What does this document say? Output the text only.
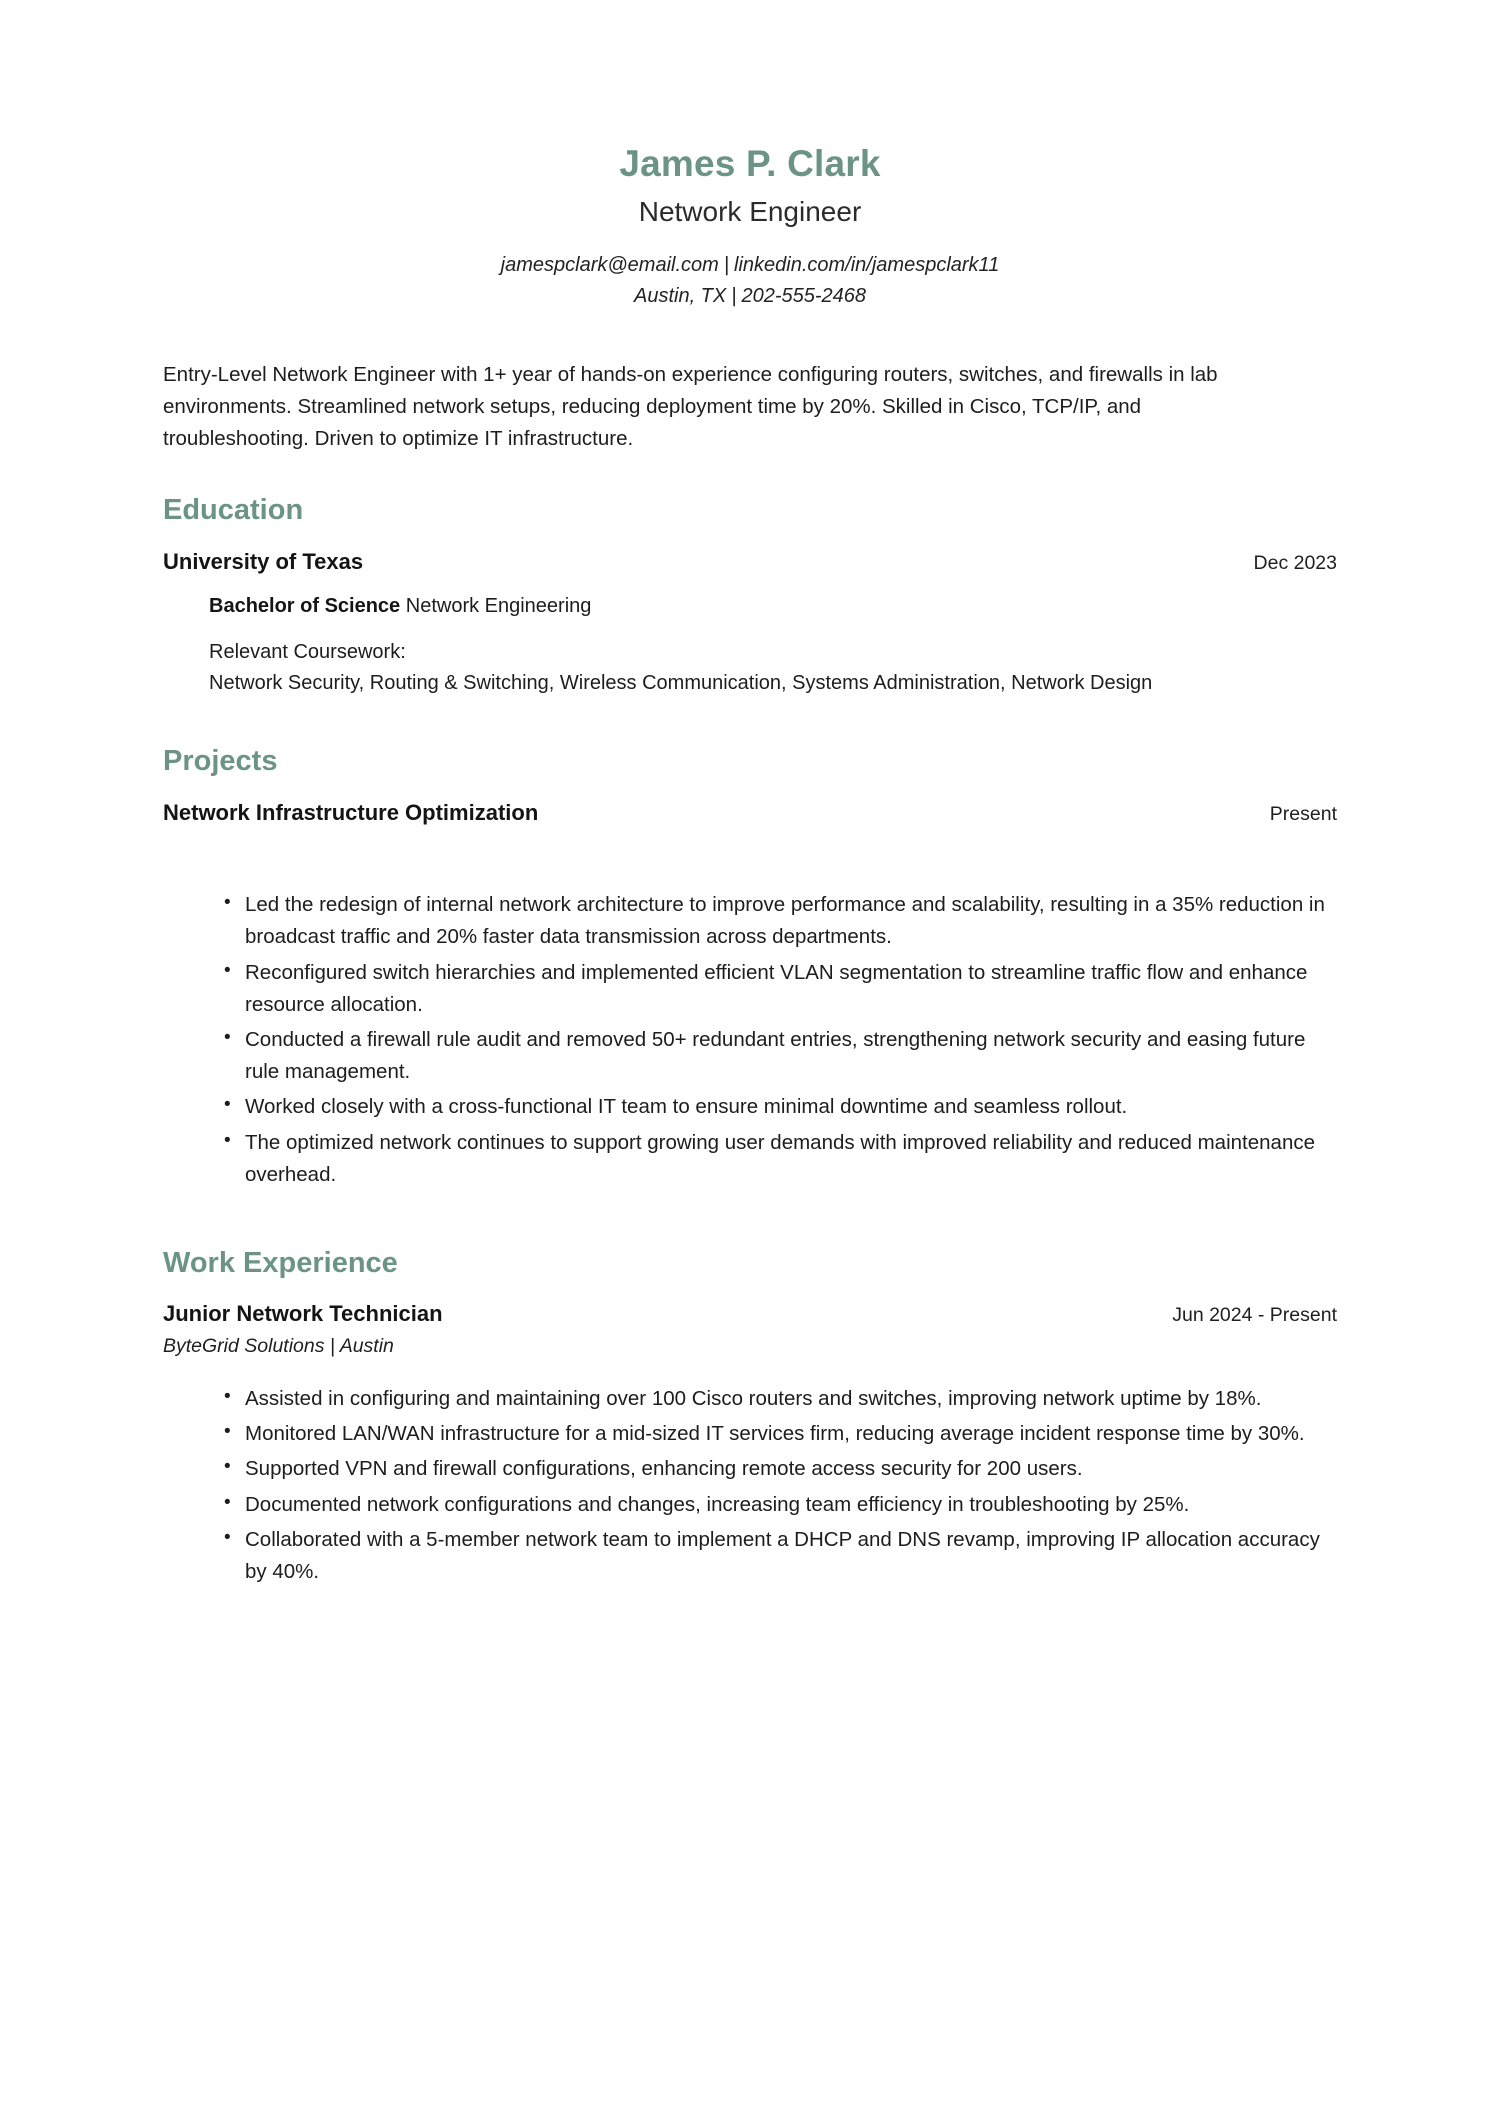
James P. Clark
Network Engineer
jamespclark@email.com | linkedin.com/in/jamespclark11
Austin, TX | 202-555-2468
Entry-Level Network Engineer with 1+ year of hands-on experience configuring routers, switches, and firewalls in lab environments. Streamlined network setups, reducing deployment time by 20%. Skilled in Cisco, TCP/IP, and troubleshooting. Driven to optimize IT infrastructure.
Education
University of Texas	Dec 2023
Bachelor of Science Network Engineering
Relevant Coursework:
Network Security, Routing & Switching, Wireless Communication, Systems Administration, Network Design
Projects
Network Infrastructure Optimization	Present
• Led the redesign of internal network architecture to improve performance and scalability, resulting in a 35% reduction in broadcast traffic and 20% faster data transmission across departments.
• Reconfigured switch hierarchies and implemented efficient VLAN segmentation to streamline traffic flow and enhance resource allocation.
• Conducted a firewall rule audit and removed 50+ redundant entries, strengthening network security and easing future rule management.
• Worked closely with a cross-functional IT team to ensure minimal downtime and seamless rollout.
• The optimized network continues to support growing user demands with improved reliability and reduced maintenance overhead.
Work Experience
Junior Network Technician	Jun 2024 - Present
ByteGrid Solutions | Austin
• Assisted in configuring and maintaining over 100 Cisco routers and switches, improving network uptime by 18%.
• Monitored LAN/WAN infrastructure for a mid-sized IT services firm, reducing average incident response time by 30%.
• Supported VPN and firewall configurations, enhancing remote access security for 200 users.
• Documented network configurations and changes, increasing team efficiency in troubleshooting by 25%.
• Collaborated with a 5-member network team to implement a DHCP and DNS revamp, improving IP allocation accuracy by 40%.
